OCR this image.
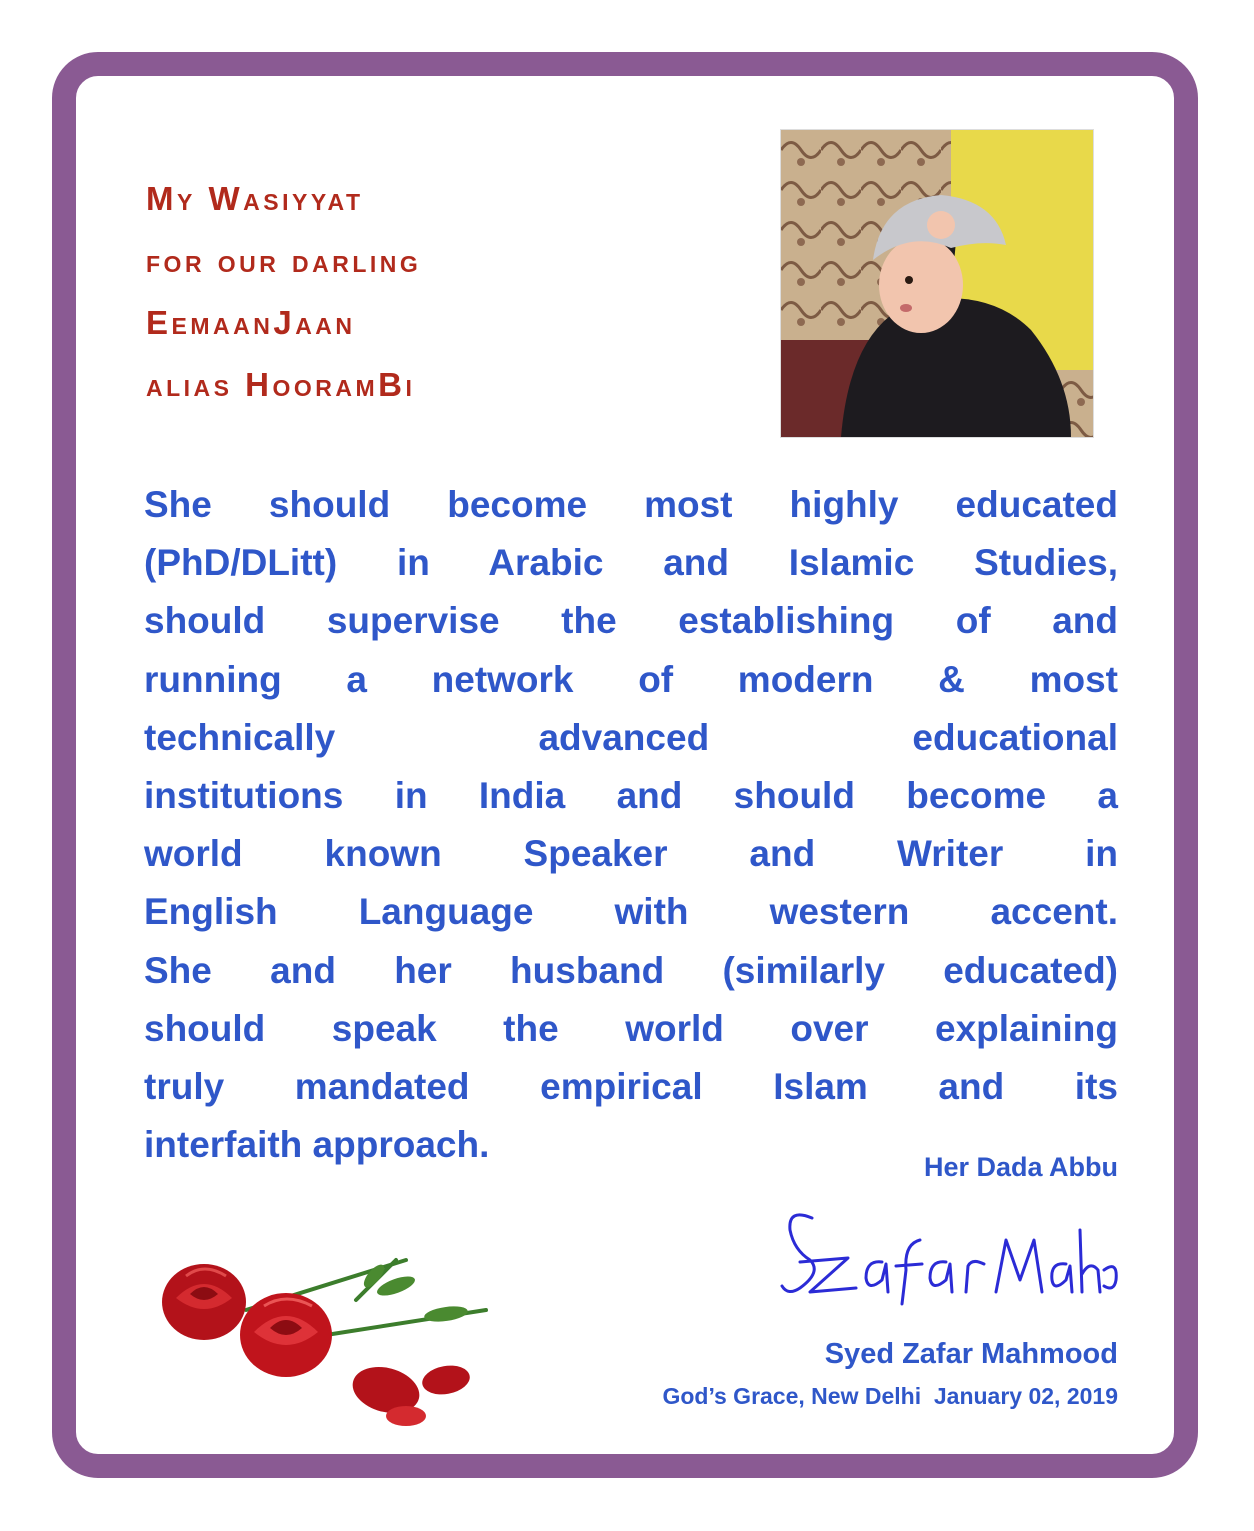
My Wasiyyat
for our darling
EemaanJaan
alias HooramBi

She should become most highly educated
(PhD/DLitt) in Arabic and Islamic Studies,
should supervise the establishing of and
running a network of modern & most
technically advanced educational
institutions in India and should become a
world known Speaker and Writer in
English Language with western accent.
She and her husband (similarly educated)
should speak the world over explaining
truly mandated empirical Islam and its
interfaith approach.

Her Dada Abbu

Syed Zafar Mahmood

God’s Grace, New Delhi  January 02, 2019
